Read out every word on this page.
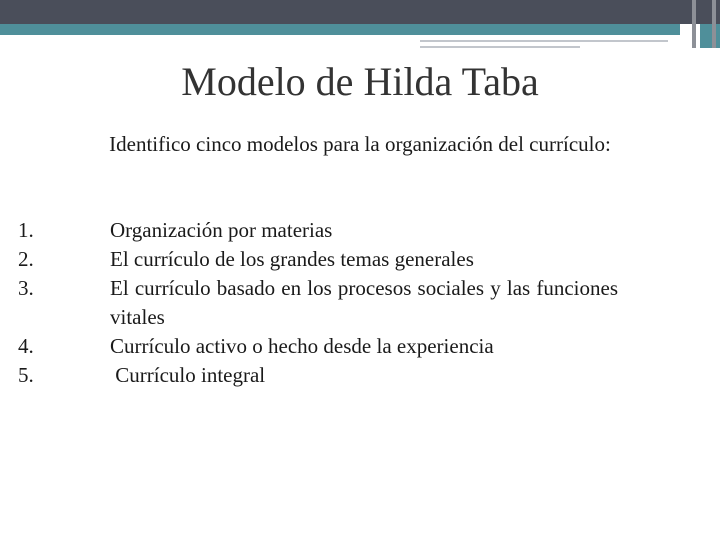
Modelo de Hilda Taba

Identifico cinco modelos para la organización del currículo:

1.	Organización por materias
2.	El currículo de los grandes temas generales
3.	El currículo basado en los procesos sociales y las funciones vitales
4.	Currículo activo o hecho desde la experiencia
5.	Currículo integral
